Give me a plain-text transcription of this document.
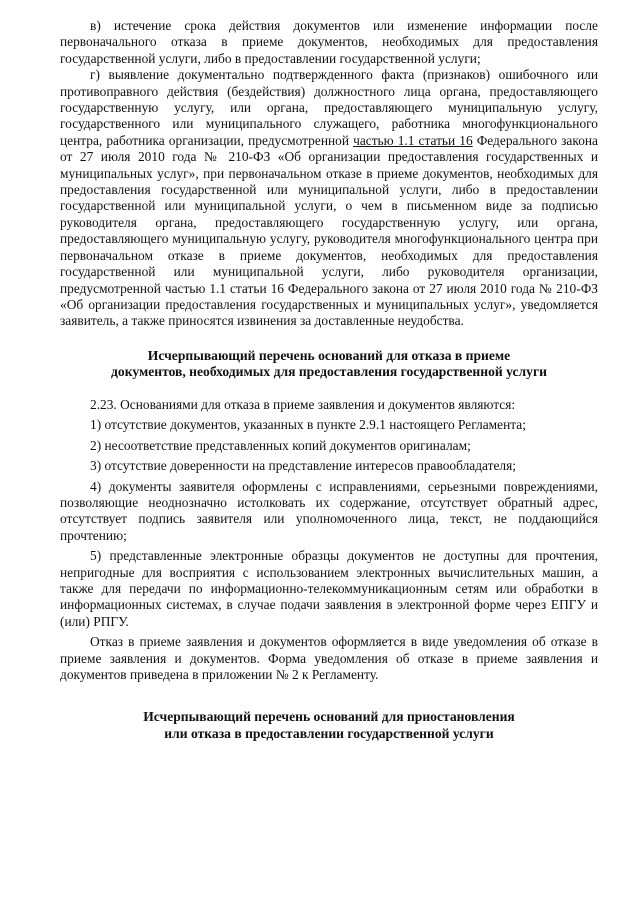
в) истечение срока действия документов или изменение информации после первоначального отказа в приеме документов, необходимых для предоставления государственной услуги, либо в предоставлении государственной услуги;

г) выявление документально подтвержденного факта (признаков) ошибочного или противоправного действия (бездействия) должностного лица органа, предоставляющего государственную услугу, или органа, предоставляющего муниципальную услугу, государственного или муниципального служащего, работника многофункционального центра, работника организации, предусмотренной частью 1.1 статьи 16 Федерального закона от 27 июля 2010 года № 210-ФЗ «Об организации предоставления государственных и муниципальных услуг», при первоначальном отказе в приеме документов, необходимых для предоставления государственной или муниципальной услуги, либо в предоставлении государственной или муниципальной услуги, о чем в письменном виде за подписью руководителя органа, предоставляющего государственную услугу, или органа, предоставляющего муниципальную услугу, руководителя многофункционального центра при первоначальном отказе в приеме документов, необходимых для предоставления государственной или муниципальной услуги, либо руководителя организации, предусмотренной частью 1.1 статьи 16 Федерального закона от 27 июля 2010 года № 210-ФЗ «Об организации предоставления государственных и муниципальных услуг», уведомляется заявитель, а также приносятся извинения за доставленные неудобства.

Исчерпывающий перечень оснований для отказа в приеме
документов, необходимых для предоставления государственной услуги

2.23. Основаниями для отказа в приеме заявления и документов являются:

1) отсутствие документов, указанных в пункте 2.9.1 настоящего Регламента;

2) несоответствие представленных копий документов оригиналам;

3) отсутствие доверенности на представление интересов правообладателя;

4) документы заявителя оформлены с исправлениями, серьезными повреждениями, позволяющие неоднозначно истолковать их содержание, отсутствует обратный адрес, отсутствует подпись заявителя или уполномоченного лица, текст, не поддающийся прочтению;

5) представленные электронные образцы документов не доступны для прочтения, непригодные для восприятия с использованием электронных вычислительных машин, а также для передачи по информационно-телекоммуникационным сетям или обработки в информационных системах, в случае подачи заявления в электронной форме через ЕПГУ и (или) РПГУ.

Отказ в приеме заявления и документов оформляется в виде уведомления об отказе в приеме заявления и документов. Форма уведомления об отказе в приеме заявления и документов приведена в приложении № 2 к Регламенту.

Исчерпывающий перечень оснований для приостановления
или отказа в предоставлении государственной услуги
